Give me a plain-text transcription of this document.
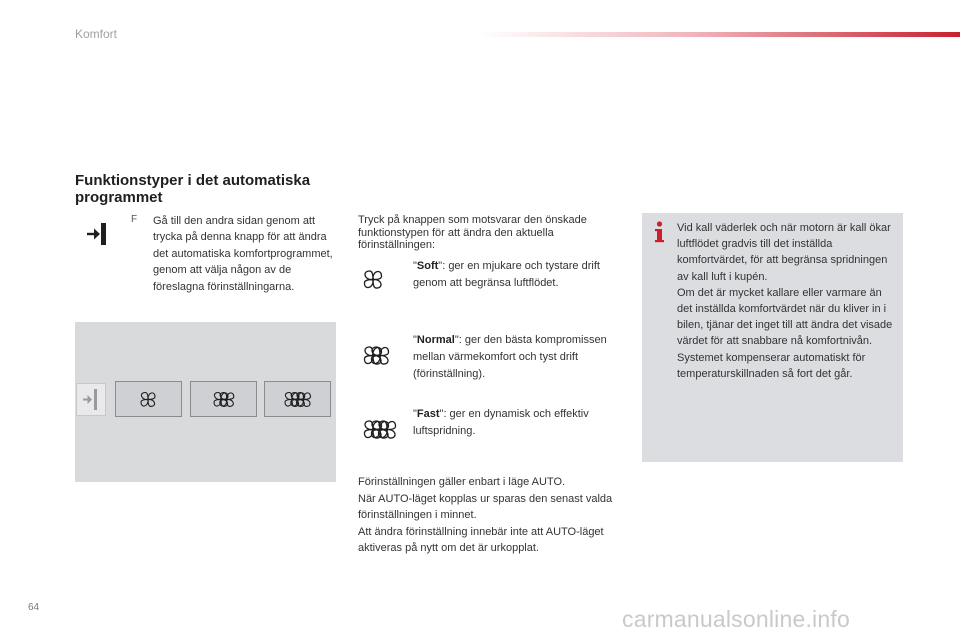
Komfort
Funktionstyper i det automatiska programmet
F Gå till den andra sidan genom att trycka på denna knapp för att ändra det automatiska komfortprogrammet, genom att välja någon av de föreslagna förinställningarna.
Tryck på knappen som motsvarar den önskade funktionstypen för att ändra den aktuella förinställningen:
"Soft": ger en mjukare och tystare drift genom att begränsa luftflödet.
"Normal": ger den bästa kompromissen mellan värmekomfort och tyst drift (förinställning).
"Fast": ger en dynamisk och effektiv luftspridning.
Förinställningen gäller enbart i läge AUTO.
När AUTO-läget kopplas ur sparas den senast valda förinställningen i minnet.
Att ändra förinställning innebär inte att AUTO-läget aktiveras på nytt om det är urkopplat.
Vid kall väderlek och när motorn är kall ökar luftflödet gradvis till det inställda komfortvärdet, för att begränsa spridningen av kall luft i kupén.
Om det är mycket kallare eller varmare än det inställda komfortvärdet när du kliver in i bilen, tjänar det inget till att ändra det visade värdet för att snabbare nå komfortnivån. Systemet kompenserar automatiskt för temperaturskillnaden så fort det går.
64	carmanualsonline.info
